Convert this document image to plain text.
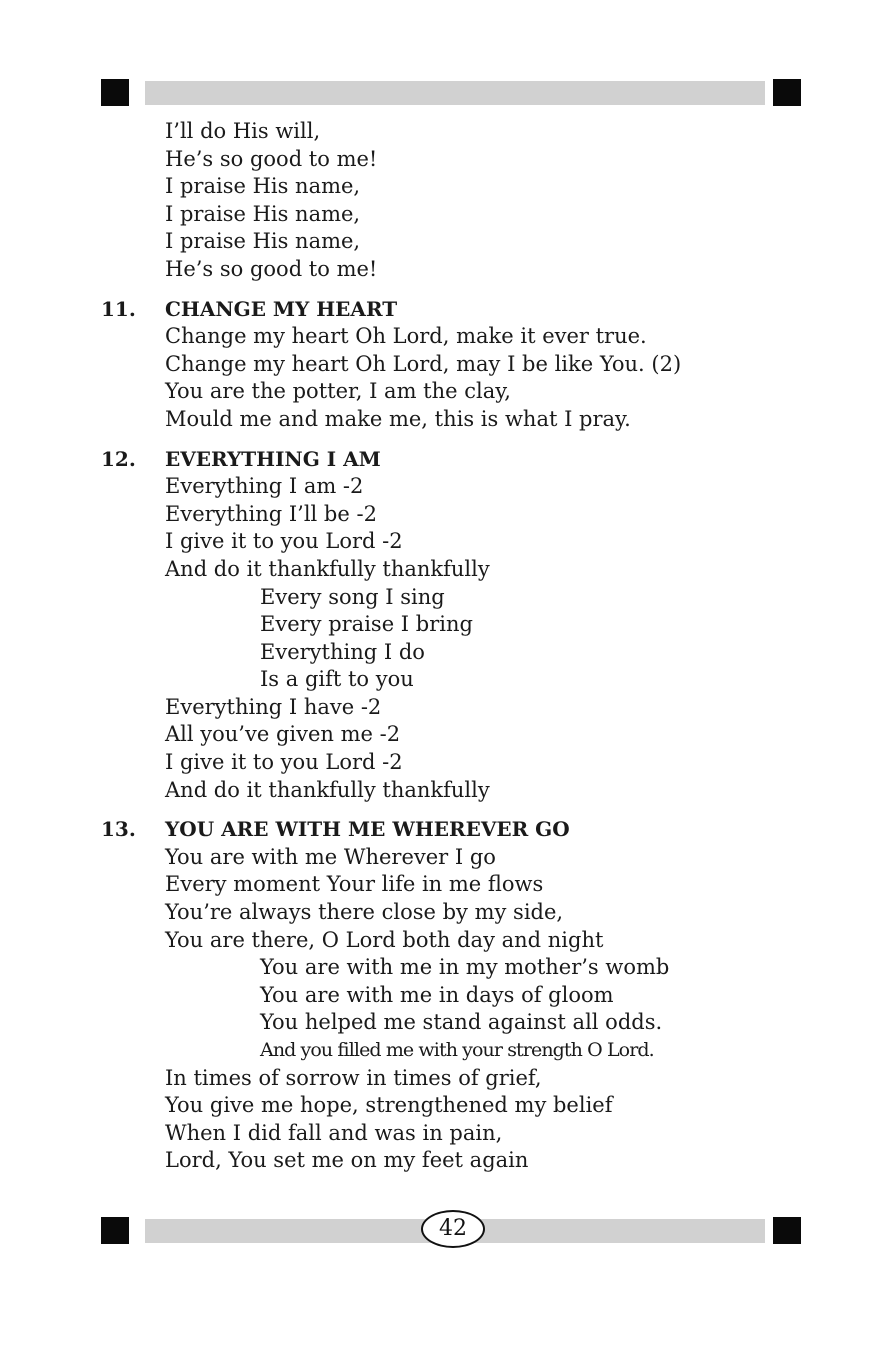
I’ll do His will,
He’s so good to me!
I praise His name,
I praise His name,
I praise His name,
He’s so good to me!
11. CHANGE MY HEART
Change my heart Oh Lord, make it ever true.
Change my heart Oh Lord, may I be like You. (2)
You are the potter, I am the clay,
Mould me and make me, this is what I pray.
12. EVERYTHING I AM
Everything I am -2
Everything I’ll be -2
I give it to you Lord -2
And do it thankfully thankfully
Every song I sing
Every praise I bring
Everything I do
Is a gift to you
Everything I have -2
All you’ve given me -2
I give it to you Lord -2
And do it thankfully thankfully
13. YOU ARE WITH ME WHEREVER GO
You are with me Wherever I go
Every moment Your life in me flows
You’re always there close by my side,
You are there, O Lord both day and night
You are with me in my mother’s womb
You are with me in days of gloom
You helped me stand against all odds.
And you filled me with your strength O Lord.
In times of sorrow in times of grief,
You give me hope, strengthened my belief
When I did fall and was in pain,
Lord, You set me on my feet again
42
